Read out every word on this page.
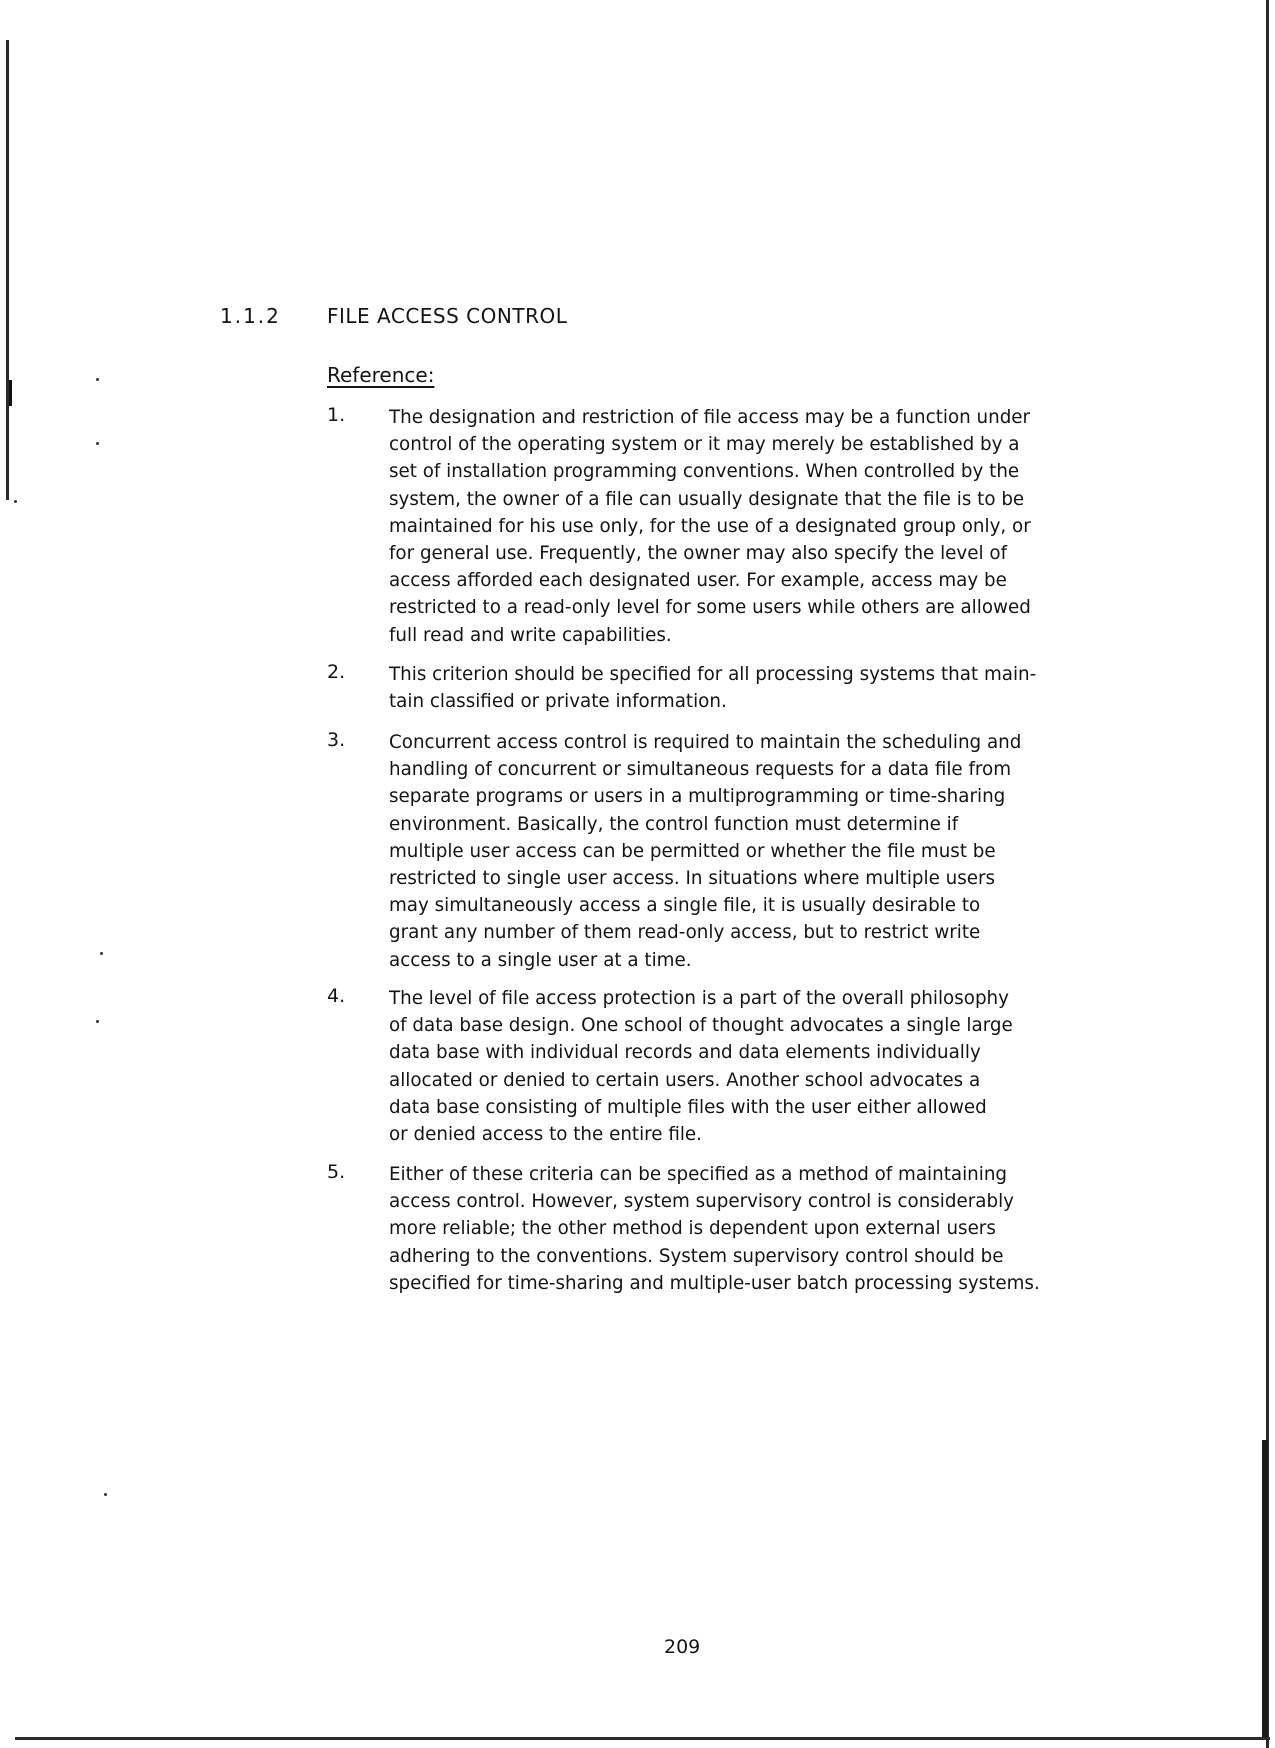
1.1.2 FILE ACCESS CONTROL
Reference:
1. The designation and restriction of file access may be a function under
control of the operating system or it may merely be established by a
set of installation programming conventions. When controlled by the
system, the owner of a file can usually designate that the file is to be
maintained for his use only, for the use of a designated group only, or
for general use. Frequently, the owner may also specify the level of
access afforded each designated user. For example, access may be
restricted to a read-only level for some users while others are allowed
full read and write capabilities.

2. This criterion should be specified for all processing systems that main-
tain classified or private information.

3. Concurrent access control is required to maintain the scheduling and
handling of concurrent or simultaneous requests for a data file from
separate programs or users in a multiprogramming or time-sharing
environment. Basically, the control function must determine if
multiple user access can be permitted or whether the file must be
restricted to single user access. In situations where multiple users
may simultaneously access a single file, it is usually desirable to
grant any number of them read-only access, but to restrict write
access to a single user at a time.

4. The level of file access protection is a part of the overall philosophy
of data base design. One school of thought advocates a single large
data base with individual records and data elements individually
allocated or denied to certain users. Another school advocates a
data base consisting of multiple files with the user either allowed
or denied access to the entire file.

5. Either of these criteria can be specified as a method of maintaining
access control. However, system supervisory control is considerably
more reliable; the other method is dependent upon external users
adhering to the conventions. System supervisory control should be
specified for time-sharing and multiple-user batch processing systems.

209
